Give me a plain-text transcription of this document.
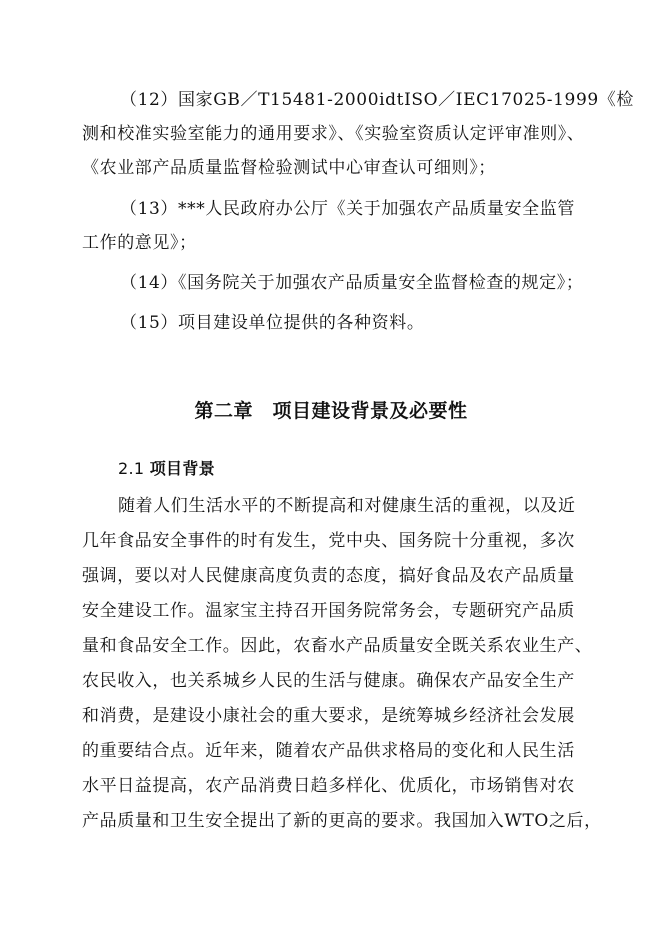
（12）国家GB／T15481-2000idtISO／IEC17025-1999《检
测和校准实验室能力的通用要求》、《实验室资质认定评审准则》、
《农业部产品质量监督检验测试中心审查认可细则》；
（13）***人民政府办公厅《关于加强农产品质量安全监管
工作的意见》；
（14）《国务院关于加强农产品质量安全监督检查的规定》；
（15）项目建设单位提供的各种资料。
第二章　项目建设背景及必要性
2.1 项目背景
随着人们生活水平的不断提高和对健康生活的重视，以及近
几年食品安全事件的时有发生，党中央、国务院十分重视，多次
强调，要以对人民健康高度负责的态度，搞好食品及农产品质量
安全建设工作。温家宝主持召开国务院常务会，专题研究产品质
量和食品安全工作。因此，农畜水产品质量安全既关系农业生产、
农民收入，也关系城乡人民的生活与健康。确保农产品安全生产
和消费，是建设小康社会的重大要求，是统筹城乡经济社会发展
的重要结合点。近年来，随着农产品供求格局的变化和人民生活
水平日益提高，农产品消费日趋多样化、优质化，市场销售对农
产品质量和卫生安全提出了新的更高的要求。我国加入WTO之后，
